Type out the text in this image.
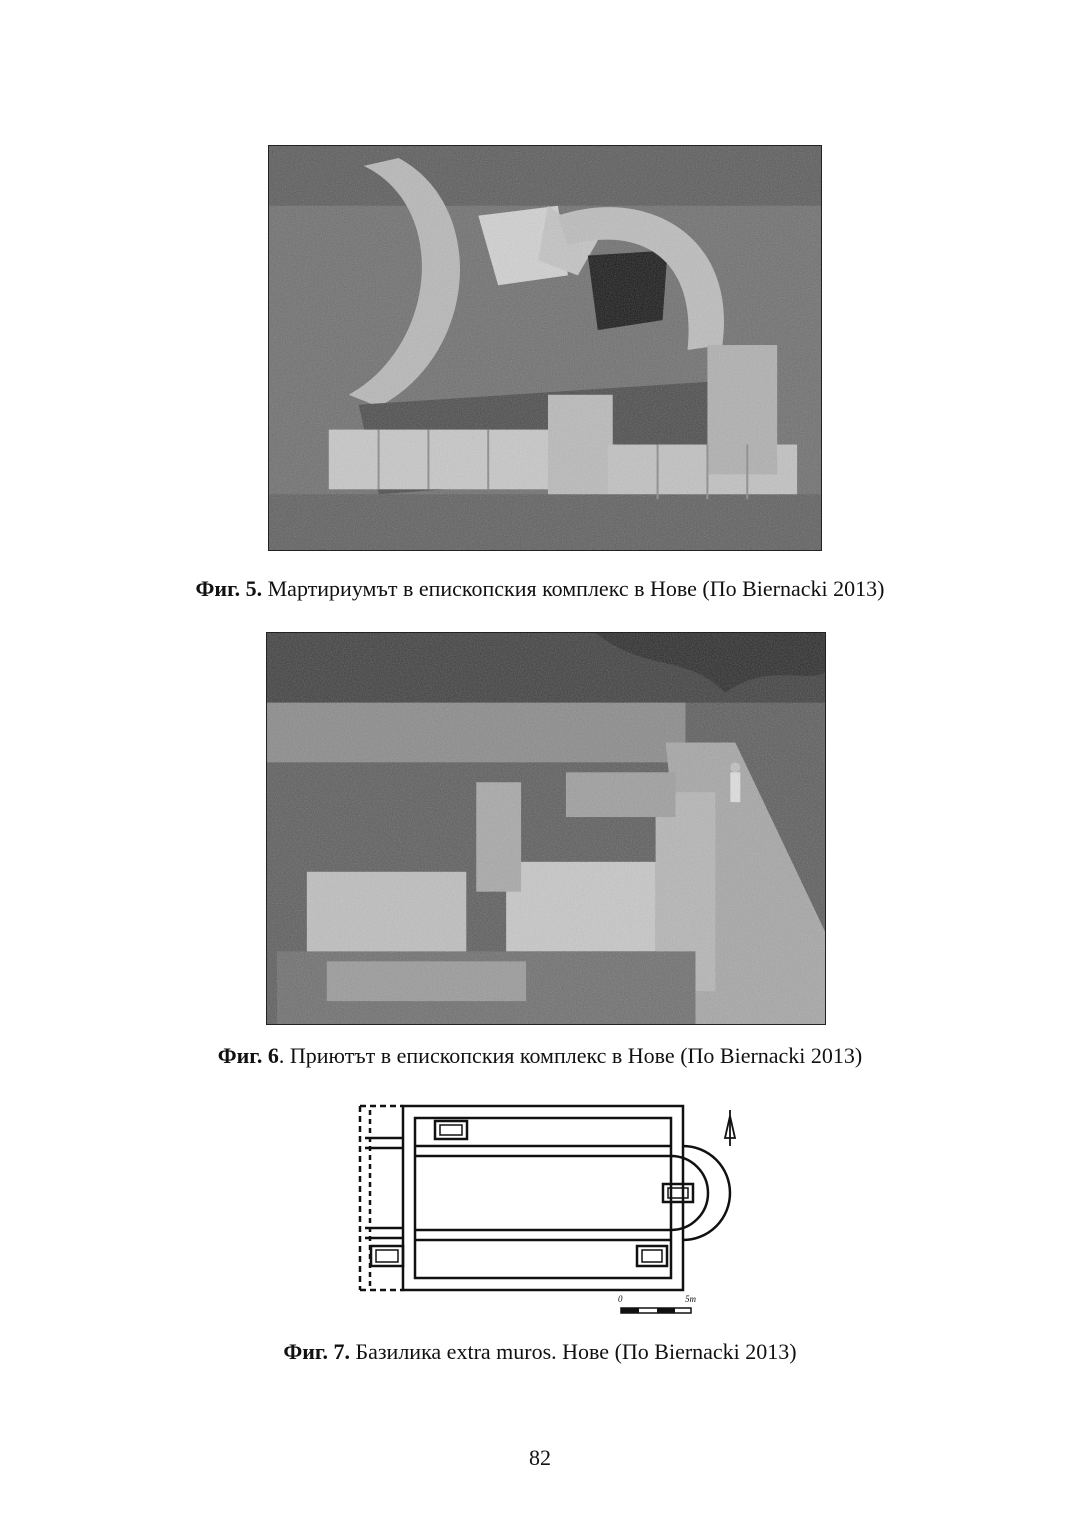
Фиг. 5. Мартириумът в епископския комплекс в Нове (По Biernacki 2013)
Фиг. 6. Приютът в епископския комплекс в Нове (По Biernacki 2013)
0	5m
Фиг. 7. Базилика extra muros. Нове (По Biernacki 2013)
82
